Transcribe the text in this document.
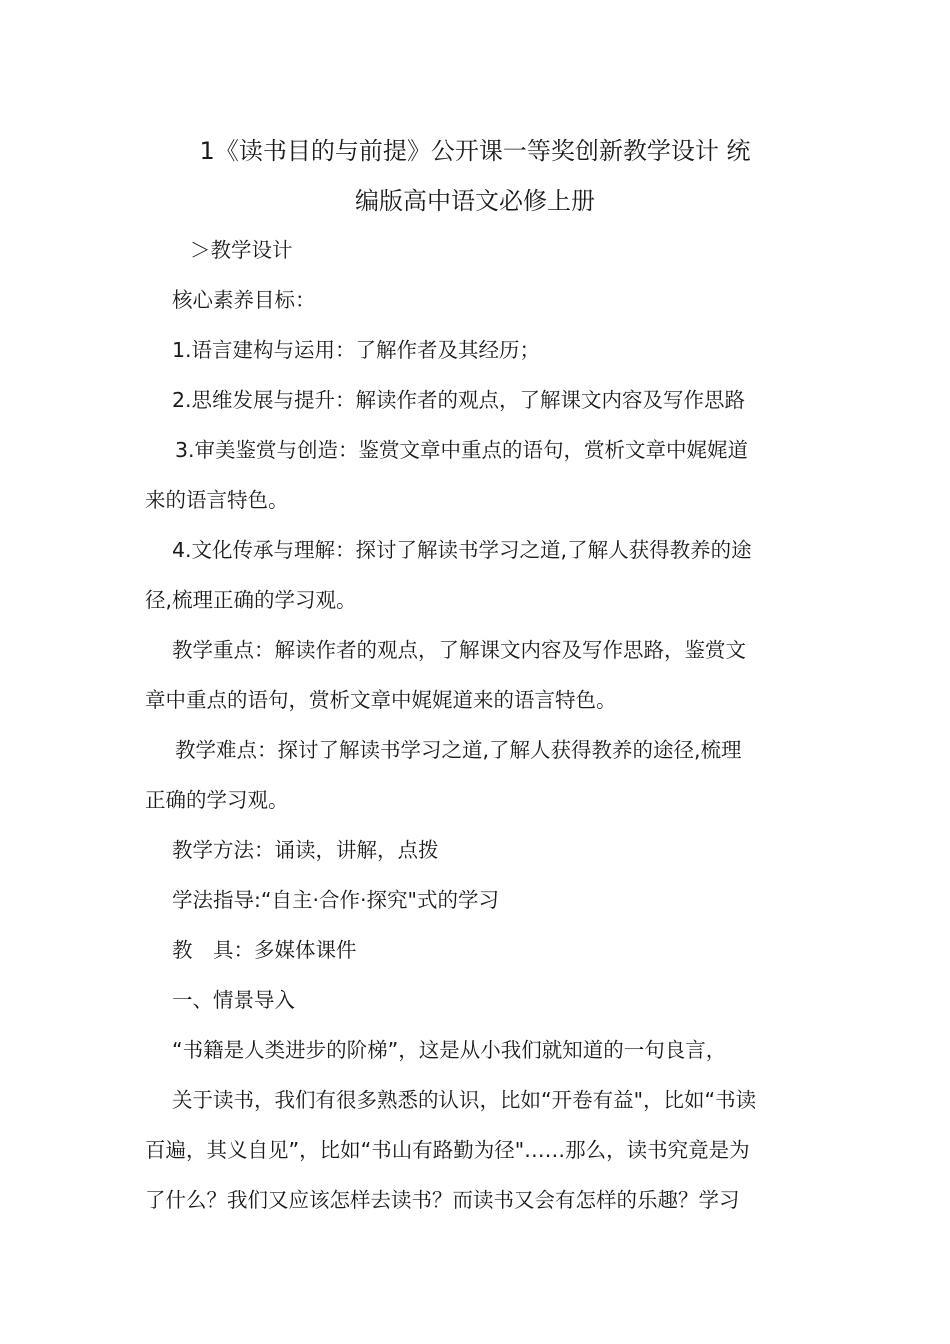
1《读书目的与前提》公开课一等奖创新教学设计 统
编版高中语文必修上册

＞教学设计

核心素养目标：

1.语言建构与运用：了解作者及其经历；

2.思维发展与提升：解读作者的观点，了解课文内容及写作思路

3.审美鉴赏与创造：鉴赏文章中重点的语句，赏析文章中娓娓道

来的语言特色。

4.文化传承与理解：探讨了解读书学习之道,了解人获得教养的途

径,梳理正确的学习观。

教学重点：解读作者的观点，了解课文内容及写作思路，鉴赏文

章中重点的语句，赏析文章中娓娓道来的语言特色。

教学难点：探讨了解读书学习之道,了解人获得教养的途径,梳理

正确的学习观。

教学方法：诵读，讲解，点拨

学法指导:“自主·合作·探究"式的学习

教　具：多媒体课件

一、情景导入

“书籍是人类进步的阶梯”，这是从小我们就知道的一句良言，

关于读书，我们有很多熟悉的认识，比如“开卷有益"，比如“书读

百遍，其义自见”，比如“书山有路勤为径"……那么，读书究竟是为

了什么？我们又应该怎样去读书？而读书又会有怎样的乐趣？学习
